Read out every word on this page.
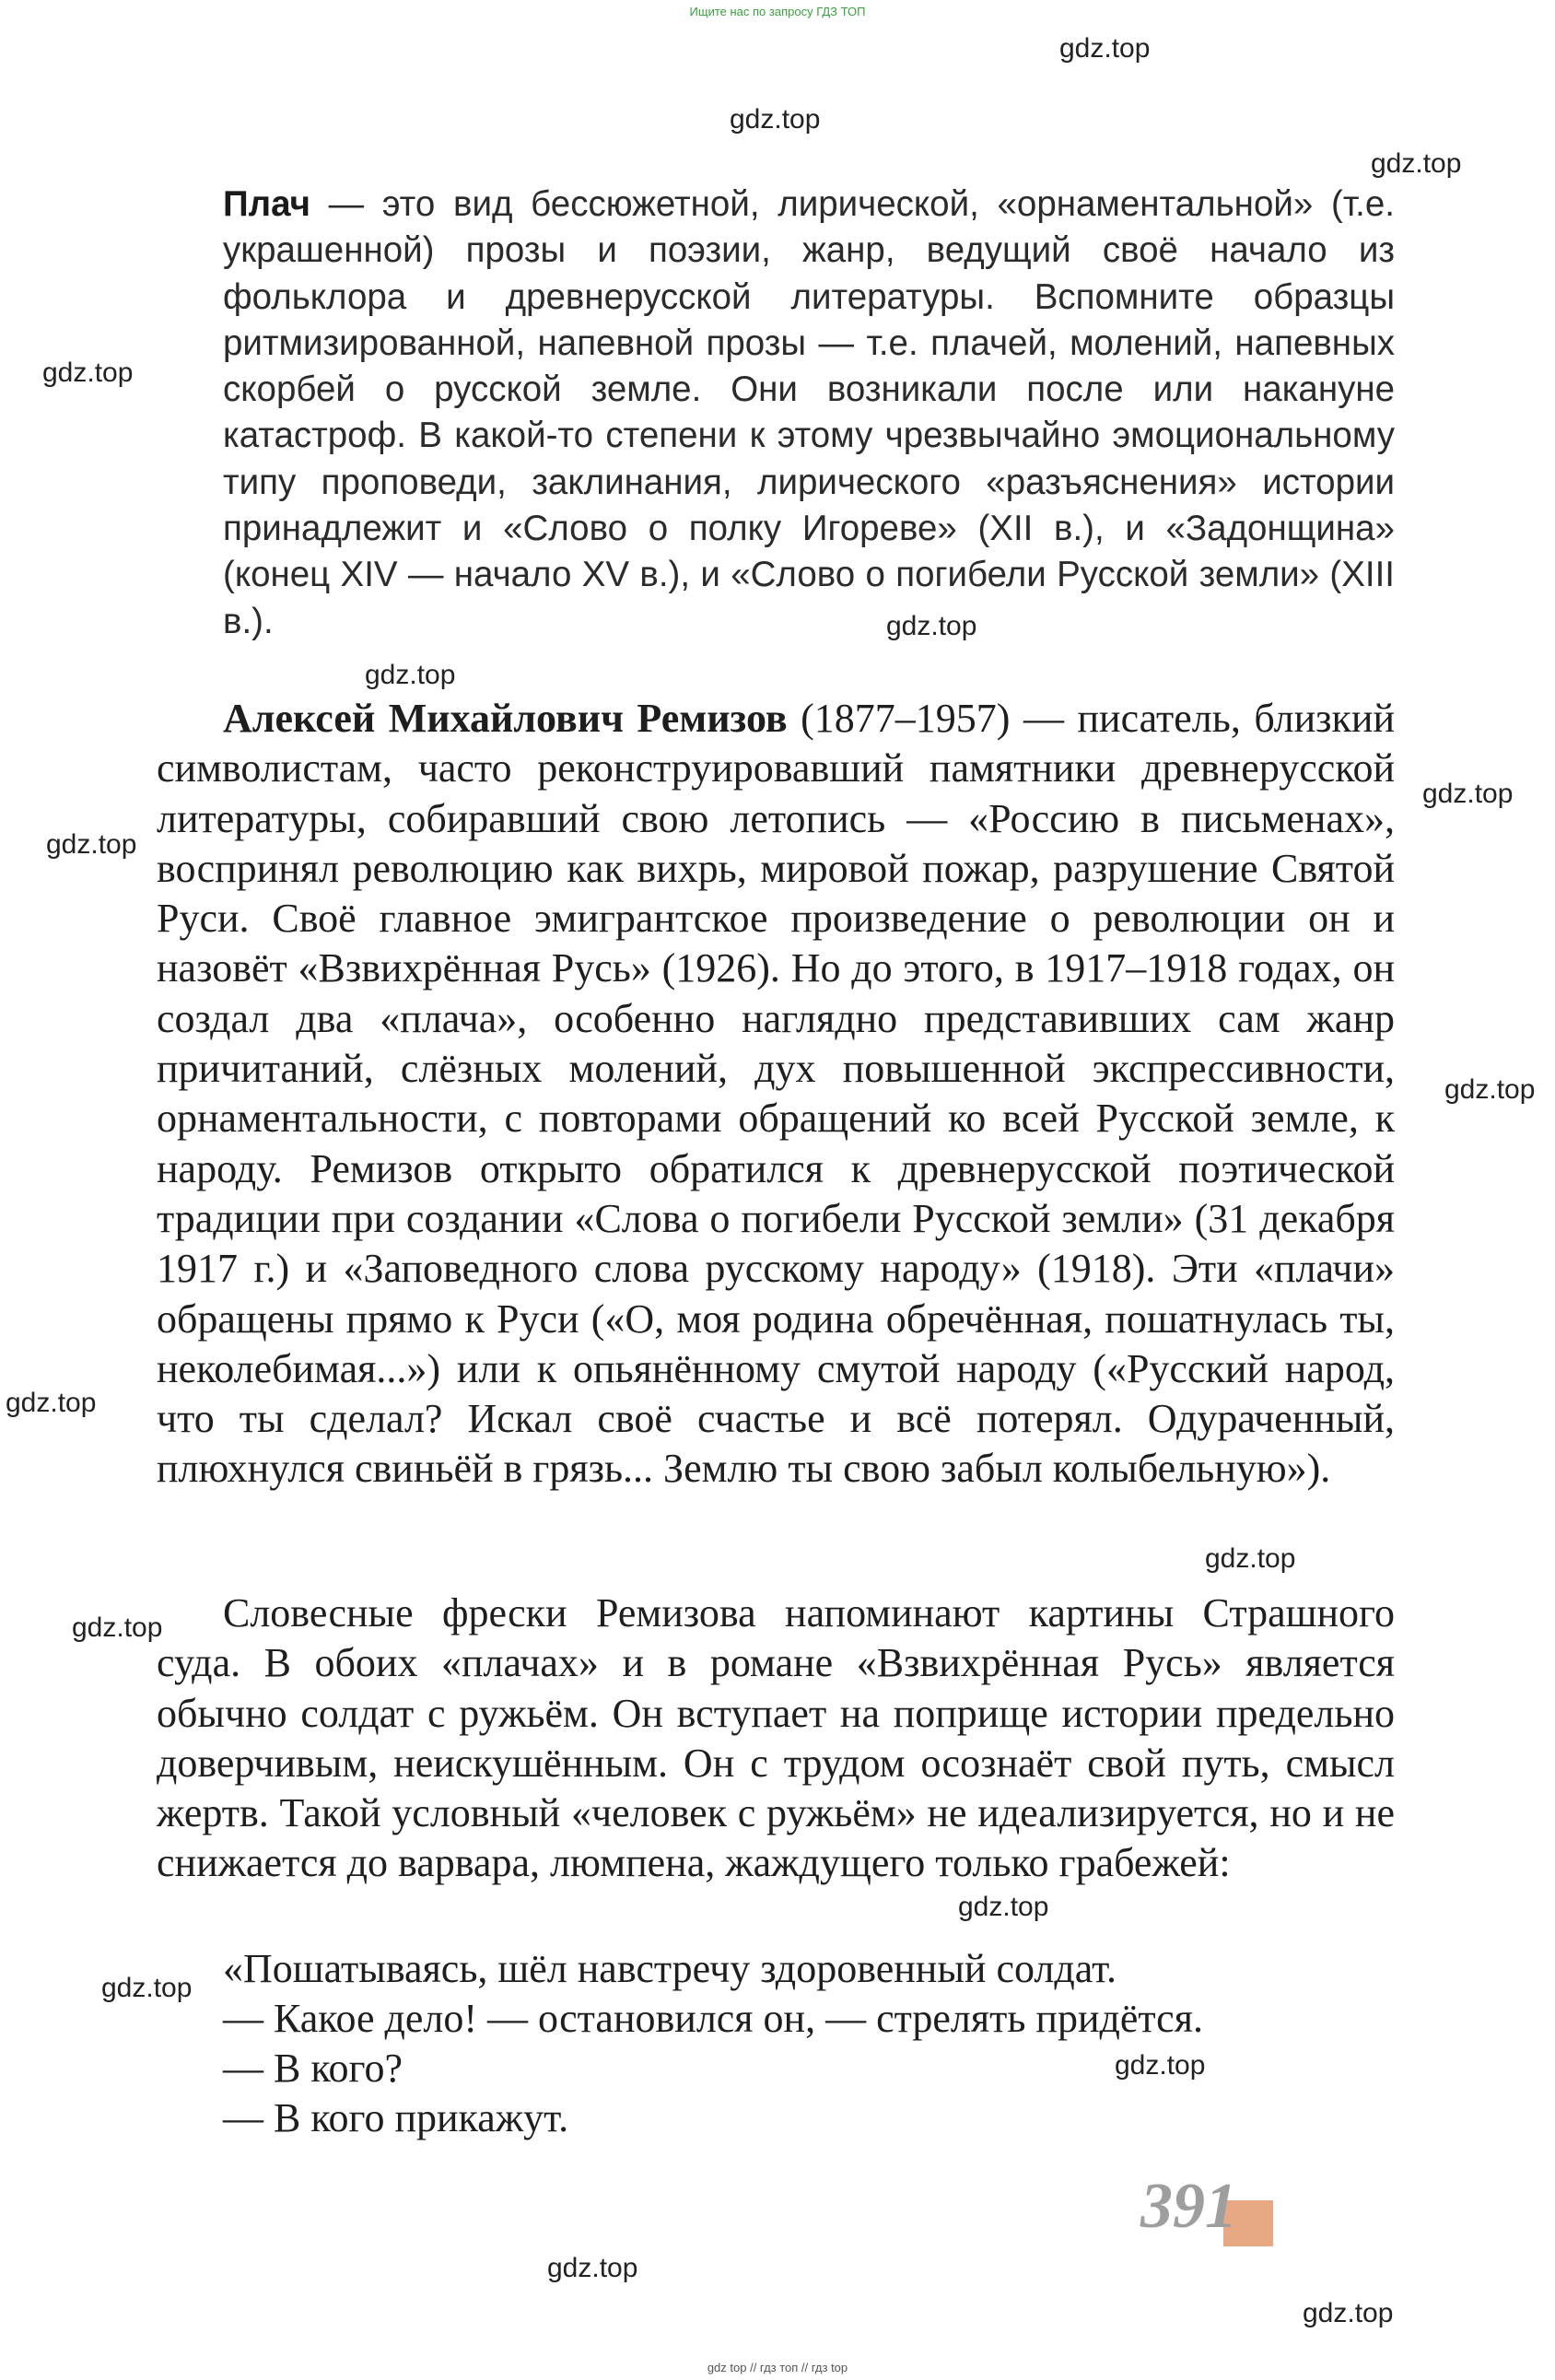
Ищите нас по запросу ГДЗ ТОП
gdz.top
gdz.top
gdz.top
gdz.top
gdz.top
gdz.top
gdz.top
gdz.top
gdz.top
gdz.top
gdz.top
gdz.top
gdz.top
gdz.top
gdz.top
gdz.top
gdz.top

Плач — это вид бессюжетной, лирической, «орнаментальной» (т.е. украшенной) прозы и поэзии, жанр, ведущий своё начало из фольклора и древнерусской литературы. Вспомните образцы ритмизированной, напевной прозы — т.е. плачей, молений, напевных скорбей о русской земле. Они возникали после или накануне катастроф. В какой-то степени к этому чрезвычайно эмоциональному типу проповеди, заклинания, лирического «разъяснения» истории принадлежит и «Слово о полку Игореве» (XII в.), и «Задонщина» (конец XIV — начало XV в.), и «Слово о погибели Русской земли» (XIII в.).

Алексей Михайлович Ремизов (1877–1957) — писатель, близкий символистам, часто реконструировавший памятники древнерусской литературы, собиравший свою летопись — «Россию в письменах», воспринял революцию как вихрь, мировой пожар, разрушение Святой Руси. Своё главное эмигрантское произведение о революции он и назовёт «Взвихрённая Русь» (1926). Но до этого, в 1917–1918 годах, он создал два «плача», особенно наглядно представивших сам жанр причитаний, слёзных молений, дух повышенной экспрессивности, орнаментальности, с повторами обращений ко всей Русской земле, к народу. Ремизов открыто обратился к древнерусской поэтической традиции при создании «Слова о погибели Русской земли» (31 декабря 1917 г.) и «Заповедного слова русскому народу» (1918). Эти «плачи» обращены прямо к Руси («О, моя родина обречённая, пошатнулась ты, неколебимая...») или к опьянённому смутой народу («Русский народ, что ты сделал? Искал своё счастье и всё потерял. Одураченный, плюхнулся свиньёй в грязь... Землю ты свою забыл колыбельную»).

Словесные фрески Ремизова напоминают картины Страшного суда. В обоих «плачах» и в романе «Взвихрённая Русь» является обычно солдат с ружьём. Он вступает на поприще истории предельно доверчивым, неискушённым. Он с трудом осознаёт свой путь, смысл жертв. Такой условный «человек с ружьём» не идеализируется, но и не снижается до варвара, люмпена, жаждущего только грабежей:

«Пошатываясь, шёл навстречу здоровенный солдат.

— Какое дело! — остановился он, — стрелять придётся.

— В кого?

— В кого прикажут.

391

gdz top // гдз топ // гдз top
